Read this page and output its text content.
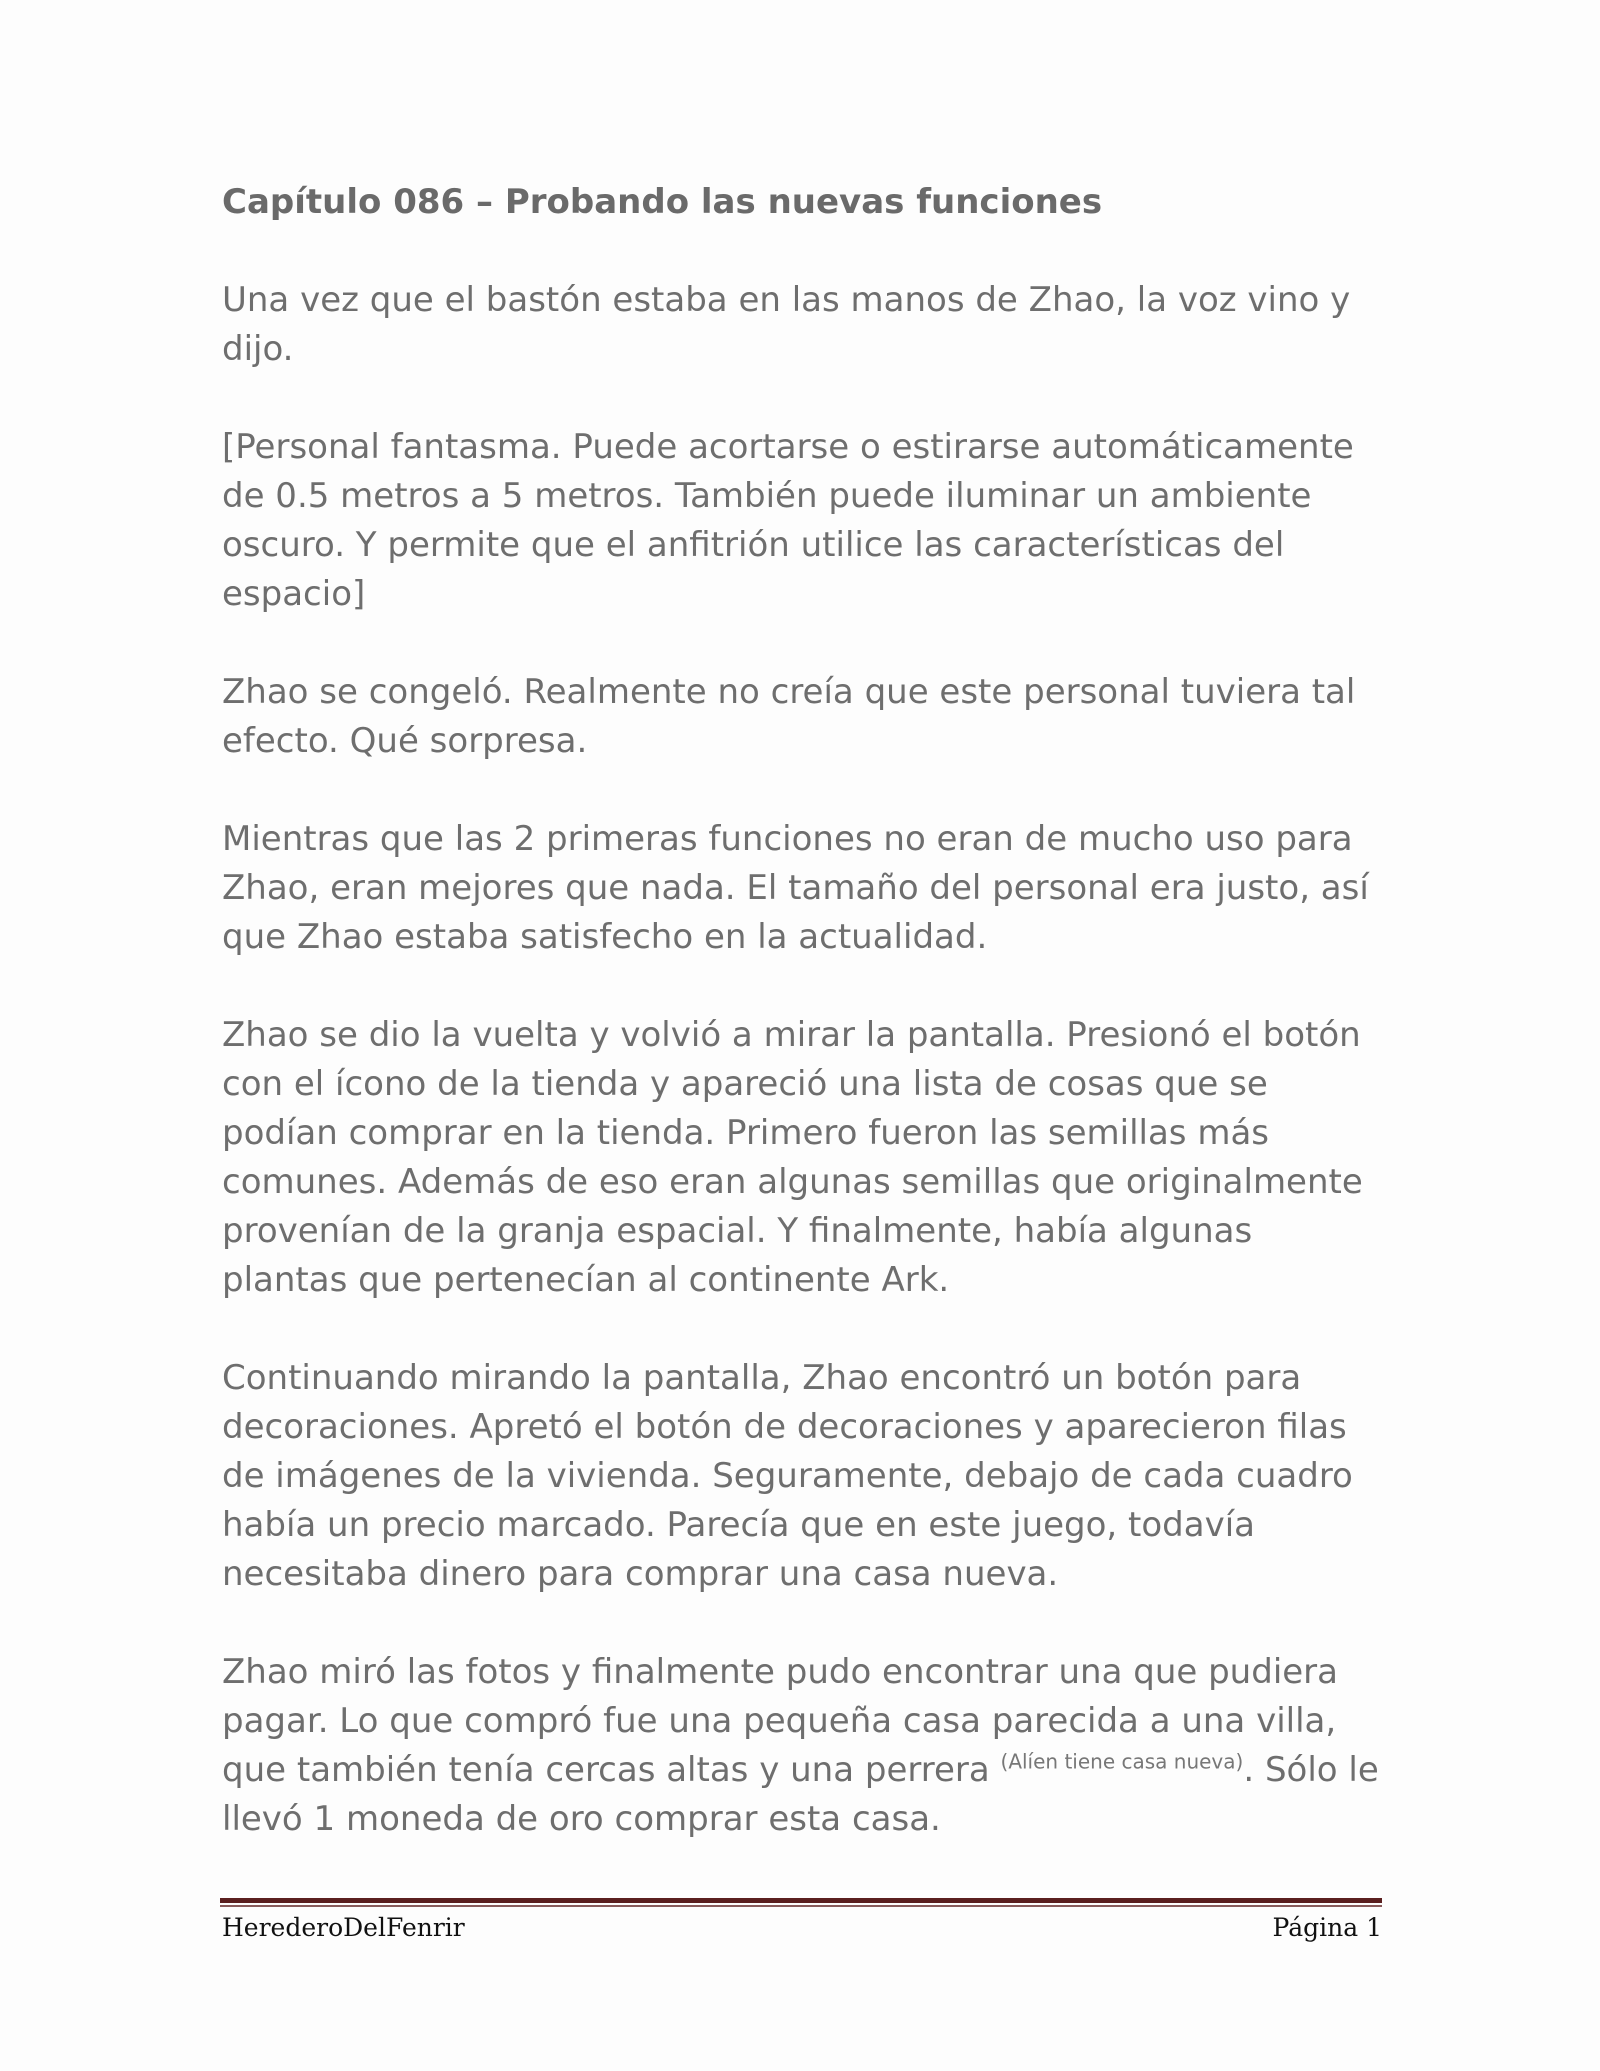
Capítulo 086 – Probando las nuevas funciones

Una vez que el bastón estaba en las manos de Zhao, la voz vino y dijo.

[Personal fantasma. Puede acortarse o estirarse automáticamente de 0.5 metros a 5 metros. También puede iluminar un ambiente oscuro. Y permite que el anfitrión utilice las características del espacio]

Zhao se congeló. Realmente no creía que este personal tuviera tal efecto. Qué sorpresa.

Mientras que las 2 primeras funciones no eran de mucho uso para Zhao, eran mejores que nada. El tamaño del personal era justo, así que Zhao estaba satisfecho en la actualidad.

Zhao se dio la vuelta y volvió a mirar la pantalla. Presionó el botón con el ícono de la tienda y apareció una lista de cosas que se podían comprar en la tienda. Primero fueron las semillas más comunes. Además de eso eran algunas semillas que originalmente provenían de la granja espacial. Y finalmente, había algunas plantas que pertenecían al continente Ark.

Continuando mirando la pantalla, Zhao encontró un botón para decoraciones. Apretó el botón de decoraciones y aparecieron filas de imágenes de la vivienda. Seguramente, debajo de cada cuadro había un precio marcado. Parecía que en este juego, todavía necesitaba dinero para comprar una casa nueva.

Zhao miró las fotos y finalmente pudo encontrar una que pudiera pagar. Lo que compró fue una pequeña casa parecida a una villa, que también tenía cercas altas y una perrera $^{(Alíen tiene casa nueva)}$. Sólo le llevó 1 moneda de oro comprar esta casa.

HerederoDelFenrir	Página 1
